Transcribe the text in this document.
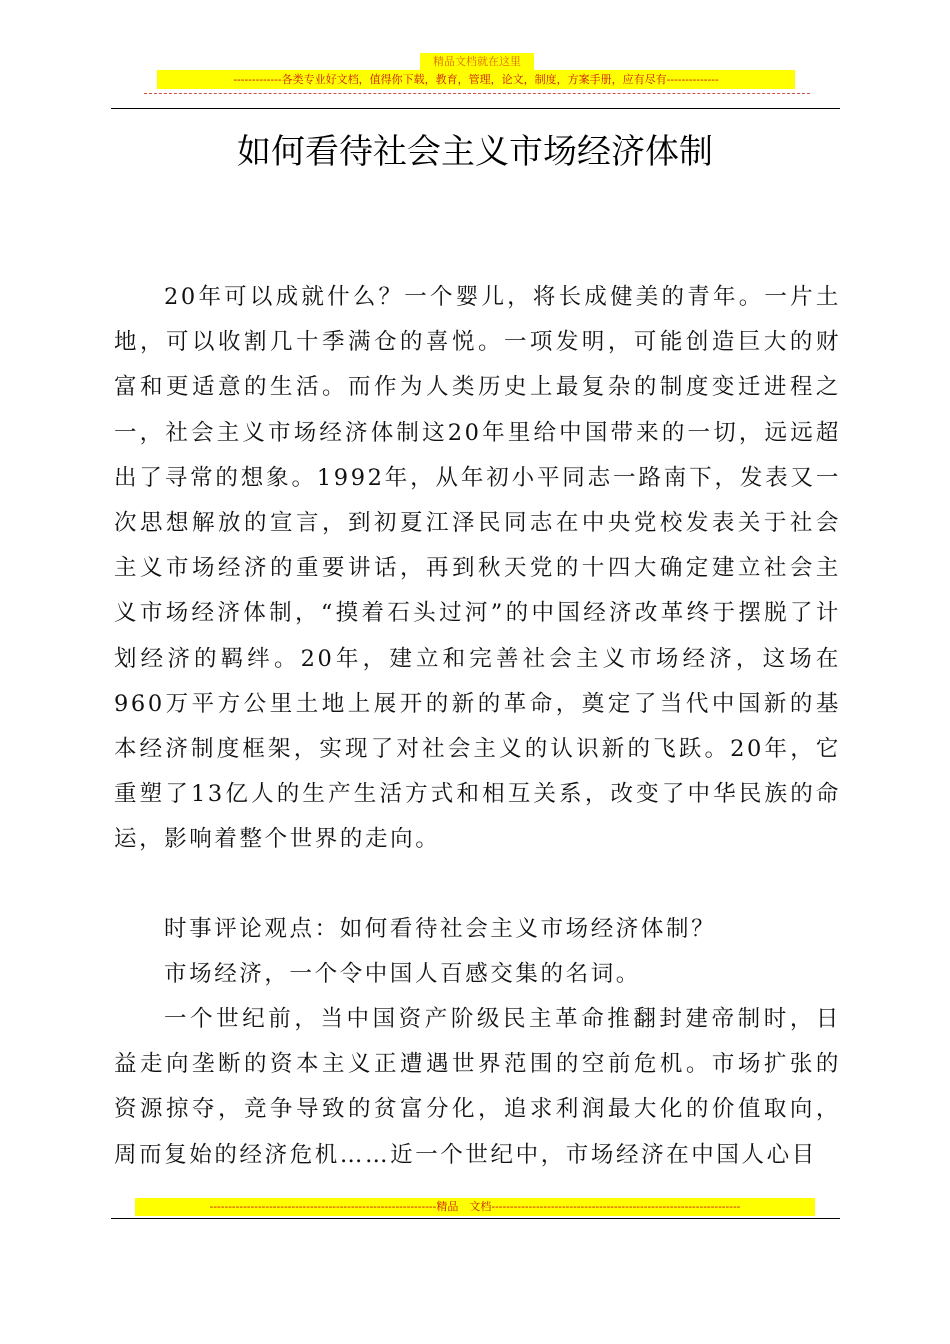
精品文档就在这里
-------------各类专业好文档，值得你下载，教育，管理，论文，制度，方案手册，应有尽有--------------
如何看待社会主义市场经济体制

20年可以成就什么？一个婴儿，将长成健美的青年。一片土地，可以收割几十季满仓的喜悦。一项发明，可能创造巨大的财富和更适意的生活。而作为人类历史上最复杂的制度变迁进程之一，社会主义市场经济体制这20年里给中国带来的一切，远远超出了寻常的想象。1992年，从年初小平同志一路南下，发表又一次思想解放的宣言，到初夏江泽民同志在中央党校发表关于社会主义市场经济的重要讲话，再到秋天党的十四大确定建立社会主义市场经济体制，“摸着石头过河”的中国经济改革终于摆脱了计划经济的羁绊。20年，建立和完善社会主义市场经济，这场在960万平方公里土地上展开的新的革命，奠定了当代中国新的基本经济制度框架，实现了对社会主义的认识新的飞跃。20年，它重塑了13亿人的生产生活方式和相互关系，改变了中华民族的命运，影响着整个世界的走向。

时事评论观点：如何看待社会主义市场经济体制？

市场经济，一个令中国人百感交集的名词。

一个世纪前，当中国资产阶级民主革命推翻封建帝制时，日益走向垄断的资本主义正遭遇世界范围的空前危机。市场扩张的资源掠夺，竞争导致的贫富分化，追求利润最大化的价值取向，周而复始的经济危机……近一个世纪中，市场经济在中国人心目

-------------------------------------------------------------精品　文档-------------------------------------------------------------------
